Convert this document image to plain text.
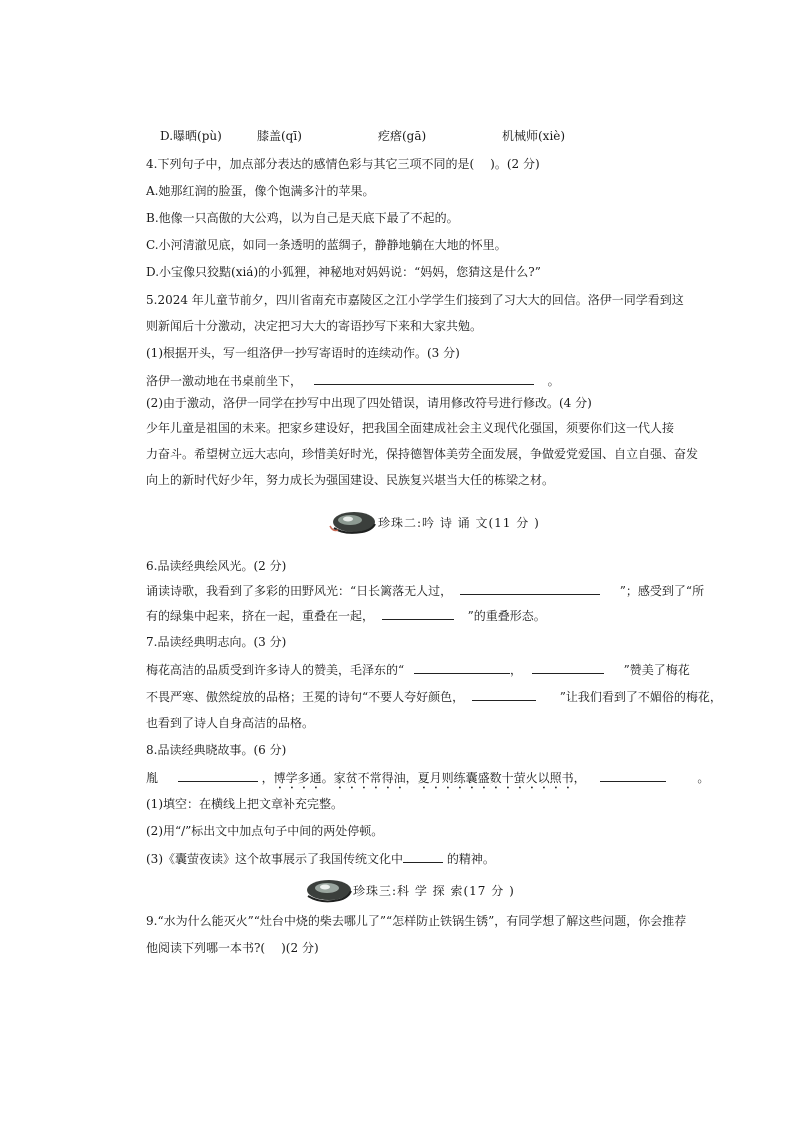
D.曝晒(pù)	膝盖(qī)	疙瘩(gā)	机械师(xiè)
4.下列句子中，加点部分表达的感情色彩与其它三项不同的是( )。(2 分)
A.她那红润的脸蛋，像个饱满多汁的苹果。
B.他像一只高傲的大公鸡，以为自己是天底下最了不起的。
C.小河清澈见底，如同一条透明的蓝绸子，静静地躺在大地的怀里。
D.小宝像只狡黠(xiá)的小狐狸，神秘地对妈妈说：“妈妈，您猜这是什么?”
5.2024 年儿童节前夕，四川省南充市嘉陵区之江小学学生们接到了习大大的回信。洛伊一同学看到这
则新闻后十分激动，决定把习大大的寄语抄写下来和大家共勉。
(1)根据开头，写一组洛伊一抄写寄语时的连续动作。(3 分)
洛伊一激动地在书桌前坐下，	。
(2)由于激动，洛伊一同学在抄写中出现了四处错误，请用修改符号进行修改。(4 分)
少年儿童是祖国的未来。把家乡建设好，把我国全面建成社会主义现代化强国，须要你们这一代人接
力奋斗。希望树立远大志向，珍惜美好时光，保持德智体美劳全面发展，争做爱党爱国、自立自强、奋发
向上的新时代好少年，努力成长为强国建设、民族复兴堪当大任的栋梁之材。
珍珠二:吟 诗 诵 文(11 分 )
6.品读经典绘风光。(2 分)
诵读诗歌，我看到了多彩的田野风光：“日长篱落无人过，	”；感受到了“所
有的绿集中起来，挤在一起，重叠在一起，	”的重叠形态。
7.品读经典明志向。(3 分)
梅花高洁的品质受到许多诗人的赞美，毛泽东的“	，	”赞美了梅花
不畏严寒、傲然绽放的品格；王冕的诗句“不要人夸好颜色，	”让我们看到了不媚俗的梅花，
也看到了诗人自身高洁的品格。
8.品读经典晓故事。(6 分)
胤	，博学多通。家贫不常得油，夏月则练囊盛数十萤火以照书，	。
(1)填空：在横线上把文章补充完整。
(2)用“/”标出文中加点句子中间的两处停顿。
(3)《囊萤夜读》这个故事展示了我国传统文化中	的精神。
珍珠三:科 学 探 索(17 分 )
9.“水为什么能灭火”“灶台中烧的柴去哪儿了”“怎样防止铁锅生锈”，有同学想了解这些问题，你会推荐
他阅读下列哪一本书?( )(2 分)
